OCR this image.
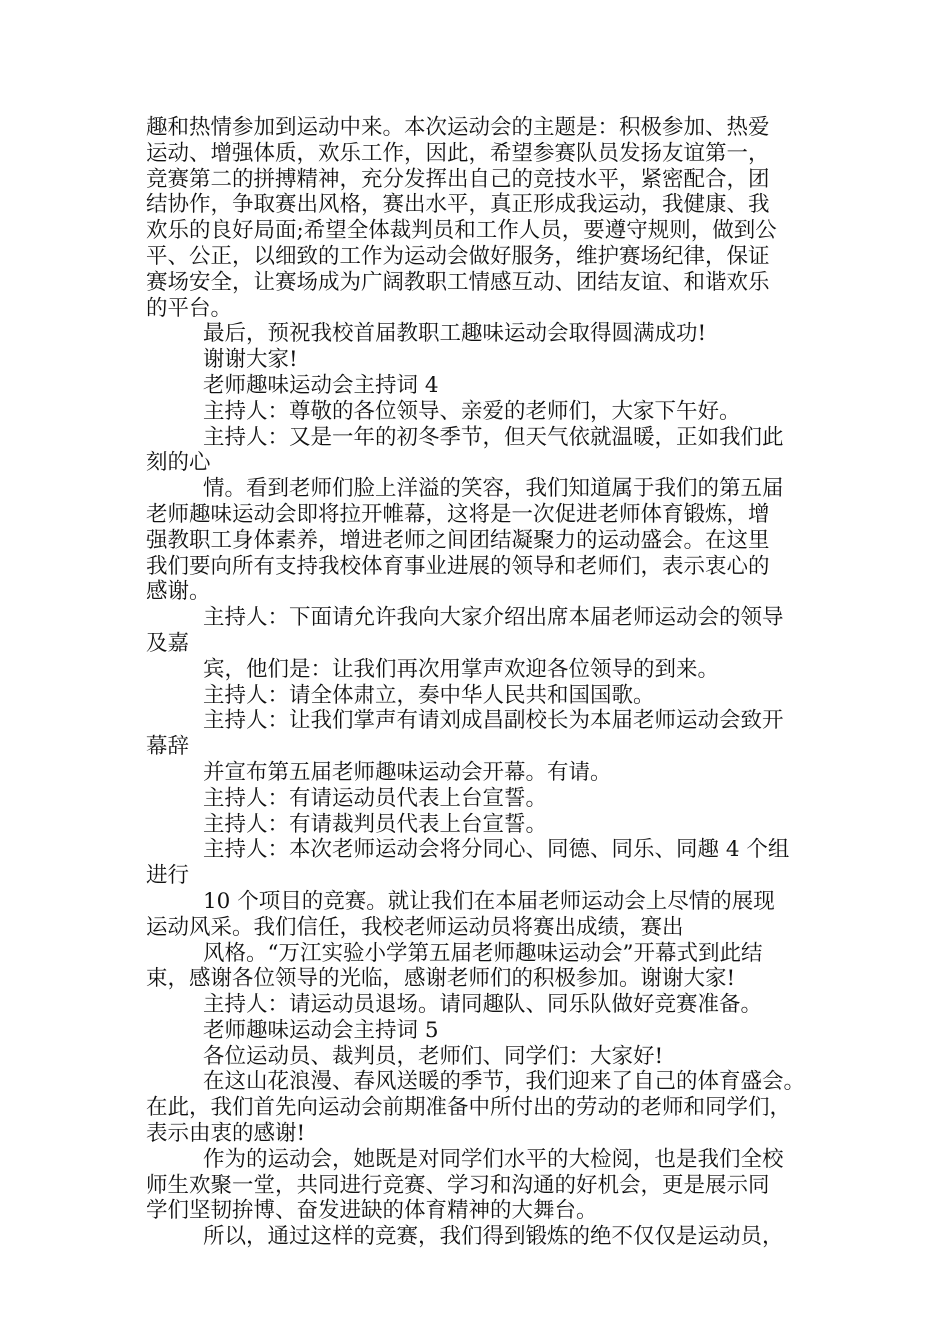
趣和热情参加到运动中来。本次运动会的主题是：积极参加、热爱
运动、增强体质，欢乐工作，因此，希望参赛队员发扬友谊第一，
竞赛第二的拼搏精神，充分发挥出自己的竞技水平，紧密配合，团
结协作，争取赛出风格，赛出水平，真正形成我运动，我健康、我
欢乐的良好局面;希望全体裁判员和工作人员，要遵守规则，做到公
平、公正，以细致的工作为运动会做好服务，维护赛场纪律，保证
赛场安全，让赛场成为广阔教职工情感互动、团结友谊、和谐欢乐
的平台。
最后，预祝我校首届教职工趣味运动会取得圆满成功!
谢谢大家!
老师趣味运动会主持词 4
主持人：尊敬的各位领导、亲爱的老师们，大家下午好。
主持人：又是一年的初冬季节，但天气依就温暖，正如我们此
刻的心
情。看到老师们脸上洋溢的笑容，我们知道属于我们的第五届
老师趣味运动会即将拉开帷幕，这将是一次促进老师体育锻炼，增
强教职工身体素养，增进老师之间团结凝聚力的运动盛会。在这里
我们要向所有支持我校体育事业进展的领导和老师们，表示衷心的
感谢。
主持人：下面请允许我向大家介绍出席本届老师运动会的领导
及嘉
宾，他们是：让我们再次用掌声欢迎各位领导的到来。
主持人：请全体肃立，奏中华人民共和国国歌。
主持人：让我们掌声有请刘成昌副校长为本届老师运动会致开
幕辞
并宣布第五届老师趣味运动会开幕。有请。
主持人：有请运动员代表上台宣誓。
主持人：有请裁判员代表上台宣誓。
主持人：本次老师运动会将分同心、同德、同乐、同趣 4 个组
进行
10 个项目的竞赛。就让我们在本届老师运动会上尽情的展现
运动风采。我们信任，我校老师运动员将赛出成绩，赛出
风格。“万江实验小学第五届老师趣味运动会”开幕式到此结
束，感谢各位领导的光临，感谢老师们的积极参加。谢谢大家!
主持人：请运动员退场。请同趣队、同乐队做好竞赛准备。
老师趣味运动会主持词 5
各位运动员、裁判员，老师们、同学们：大家好!
在这山花浪漫、春风送暖的季节，我们迎来了自己的体育盛会。
在此，我们首先向运动会前期准备中所付出的劳动的老师和同学们，
表示由衷的感谢!
作为的运动会，她既是对同学们水平的大检阅，也是我们全校
师生欢聚一堂，共同进行竞赛、学习和沟通的好机会，更是展示同
学们坚韧拚博、奋发进缺的体育精神的大舞台。
所以，通过这样的竞赛，我们得到锻炼的绝不仅仅是运动员，
